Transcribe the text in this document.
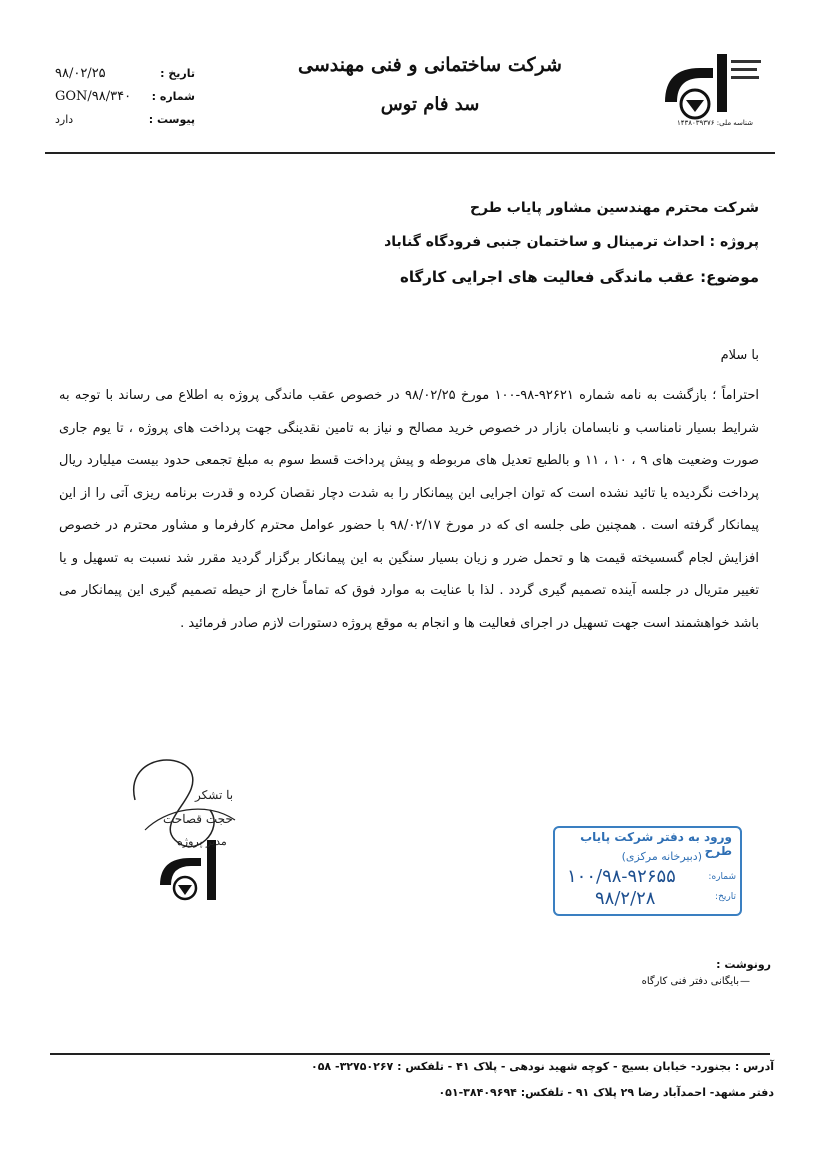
تاریخ :
۹۸/۰۲/۲۵
شماره :
GON/۹۸/۳۴۰
پیوست :
دارد
شرکت ساختمانی و فنی مهندسی
سد فام توس
شناسه ملی: ۱۴۳۸۰۳۹۳۷۶
شرکت محترم مهندسین مشاور پایاب طرح
پروژه : احداث ترمینال و ساختمان جنبی فرودگاه گناباد
موضوع: عقب ماندگی فعالیت های اجرایی کارگاه
با سلام
احتراماً ؛ بازگشت به نامه شماره ۹۲۶۲۱-۹۸-۱۰۰ مورخ ۹۸/۰۲/۲۵ در خصوص عقب ماندگی پروژه به اطلاع می رساند با توجه به شرایط بسیار نامناسب و نابسامان بازار در خصوص خرید مصالح و نیاز به تامین نقدینگی جهت پرداخت های پروژه ، تا یوم جاری صورت وضعیت های ۹ ، ۱۰ ، ۱۱ و بالطبع تعدیل های مربوطه و پیش پرداخت قسط سوم به مبلغ تجمعی حدود بیست میلیارد ریال پرداخت نگردیده یا تائید نشده است که توان اجرایی این پیمانکار را به شدت دچار نقصان کرده و قدرت برنامه ریزی آتی را از این پیمانکار گرفته است . همچنین طی جلسه ای که در مورخ ۹۸/۰۲/۱۷ با حضور عوامل محترم کارفرما و مشاور محترم در خصوص افزایش لجام گسسیخته قیمت ها و تحمل ضرر و زیان بسیار سنگین به این پیمانکار برگزار گردید مقرر شد نسبت به تسهیل و یا تغییر متریال در جلسه آینده تصمیم گیری گردد . لذا با عنایت به موارد فوق که تماماً خارج از حیطه تصمیم گیری این پیمانکار می باشد خواهشمند است جهت تسهیل در اجرای فعالیت ها و انجام به موقع پروژه دستورات لازم صادر فرمائید .
با تشکر
حجت قصاحت
مدیر پروژه	ورود به دفتر شرکت پایاب طرح
(دبیرخانه مرکزی)
شماره:
تاریخ:
۱۰۰/۹۸-۹۲۶۵۵
۹۸/۲/۲۸
رونوشت :
بایگانی دفتر فنی کارگاه —
آدرس : بجنورد- خیابان بسیج - کوچه شهید نودهی - پلاک ۴۱ - تلفکس : ۳۲۷۵۰۲۶۷- ۰۵۸
دفتر مشهد- احمدآباد رضا ۲۹ پلاک ۹۱ - تلفکس: ۳۸۴۰۹۶۹۴-۰۵۱
